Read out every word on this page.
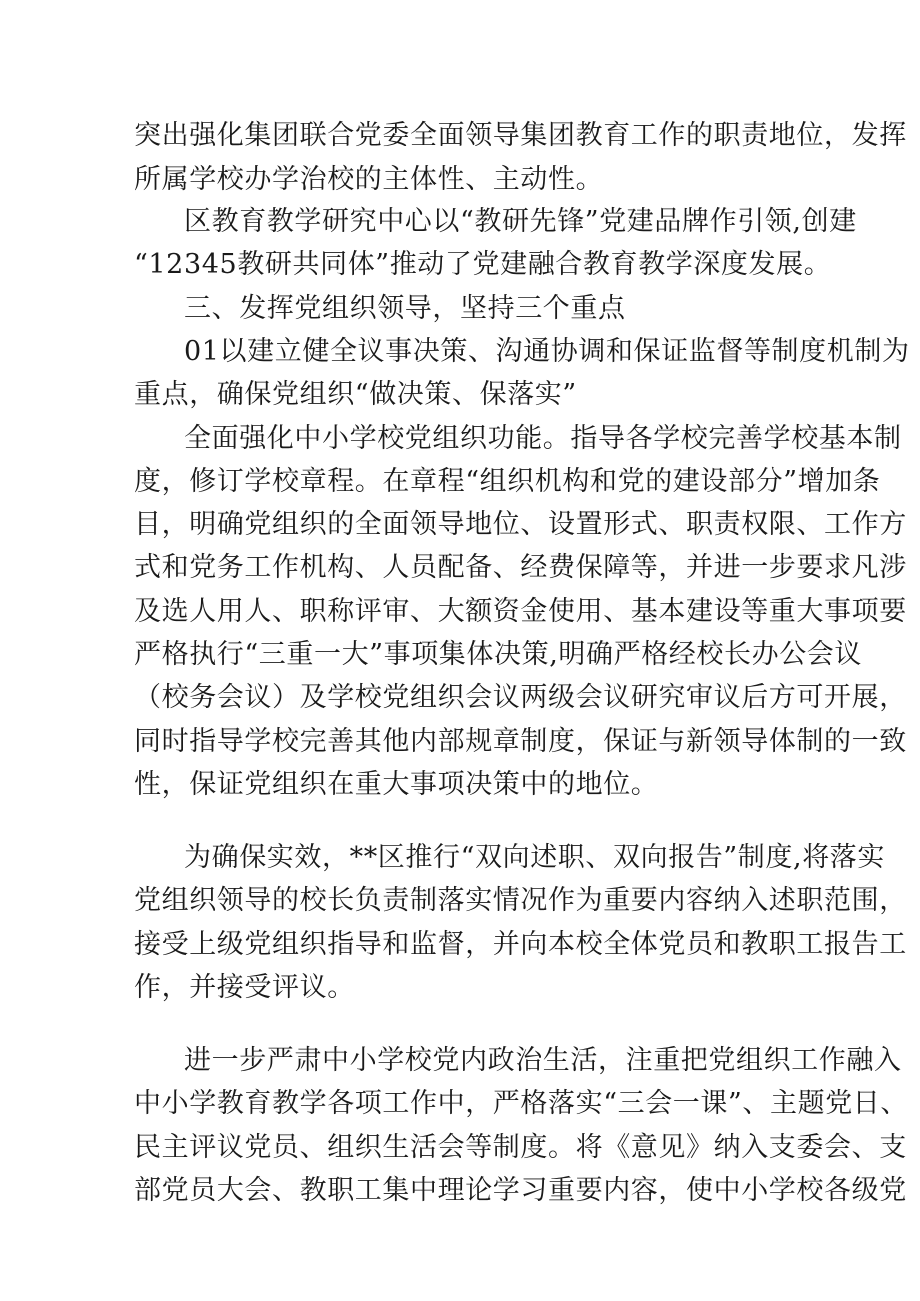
突出强化集团联合党委全面领导集团教育工作的职责地位，发挥
所属学校办学治校的主体性、主动性。
区教育教学研究中心以“教研先锋”党建品牌作引领,创建
“12345教研共同体”推动了党建融合教育教学深度发展。
三、发挥党组织领导，坚持三个重点
01以建立健全议事决策、沟通协调和保证监督等制度机制为
重点，确保党组织“做决策、保落实”
全面强化中小学校党组织功能。指导各学校完善学校基本制
度，修订学校章程。在章程“组织机构和党的建设部分”增加条
目，明确党组织的全面领导地位、设置形式、职责权限、工作方
式和党务工作机构、人员配备、经费保障等，并进一步要求凡涉
及选人用人、职称评审、大额资金使用、基本建设等重大事项要
严格执行“三重一大”事项集体决策,明确严格经校长办公会议
（校务会议）及学校党组织会议两级会议研究审议后方可开展，
同时指导学校完善其他内部规章制度，保证与新领导体制的一致
性，保证党组织在重大事项决策中的地位。
为确保实效，**区推行“双向述职、双向报告”制度,将落实
党组织领导的校长负责制落实情况作为重要内容纳入述职范围，
接受上级党组织指导和监督，并向本校全体党员和教职工报告工
作，并接受评议。
进一步严肃中小学校党内政治生活，注重把党组织工作融入
中小学教育教学各项工作中，严格落实“三会一课”、主题党日、
民主评议党员、组织生活会等制度。将《意见》纳入支委会、支
部党员大会、教职工集中理论学习重要内容，使中小学校各级党
